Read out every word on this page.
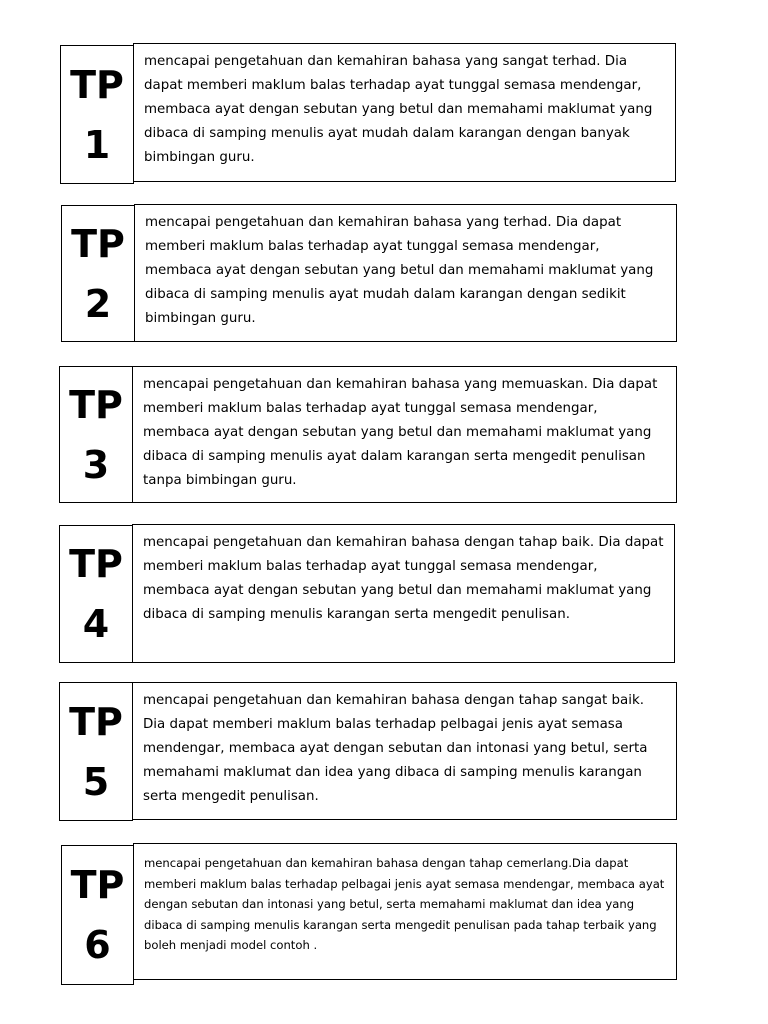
TP
1

mencapai pengetahuan dan kemahiran bahasa yang sangat terhad. Dia dapat memberi maklum balas terhadap ayat tunggal semasa mendengar, membaca ayat dengan sebutan yang betul dan memahami maklumat yang dibaca di samping menulis ayat mudah dalam karangan dengan banyak bimbingan guru.

TP
2

mencapai pengetahuan dan kemahiran bahasa yang terhad. Dia dapat memberi maklum balas terhadap ayat tunggal semasa mendengar, membaca ayat dengan sebutan yang betul dan memahami maklumat yang dibaca di samping menulis ayat mudah dalam karangan dengan sedikit bimbingan guru.

TP
3

mencapai pengetahuan dan kemahiran bahasa yang memuaskan. Dia dapat memberi maklum balas terhadap ayat tunggal semasa mendengar, membaca ayat dengan sebutan yang betul dan memahami maklumat yang dibaca di samping menulis ayat dalam karangan serta mengedit penulisan tanpa bimbingan guru.

TP
4

mencapai pengetahuan dan kemahiran bahasa dengan tahap baik. Dia dapat memberi maklum balas terhadap ayat tunggal semasa mendengar, membaca ayat dengan sebutan yang betul dan memahami maklumat yang dibaca di samping menulis karangan serta mengedit penulisan.

TP
5

mencapai pengetahuan dan kemahiran bahasa dengan tahap sangat baik. Dia dapat memberi maklum balas terhadap pelbagai jenis ayat semasa mendengar, membaca ayat dengan sebutan dan intonasi yang betul, serta memahami maklumat dan idea yang dibaca di samping menulis karangan serta mengedit penulisan.

TP
6

mencapai pengetahuan dan kemahiran bahasa dengan tahap cemerlang.Dia dapat memberi maklum balas terhadap pelbagai jenis ayat semasa mendengar, membaca ayat dengan sebutan dan intonasi yang betul, serta memahami maklumat dan idea yang dibaca di samping menulis karangan serta mengedit penulisan pada tahap terbaik yang boleh menjadi model contoh .
